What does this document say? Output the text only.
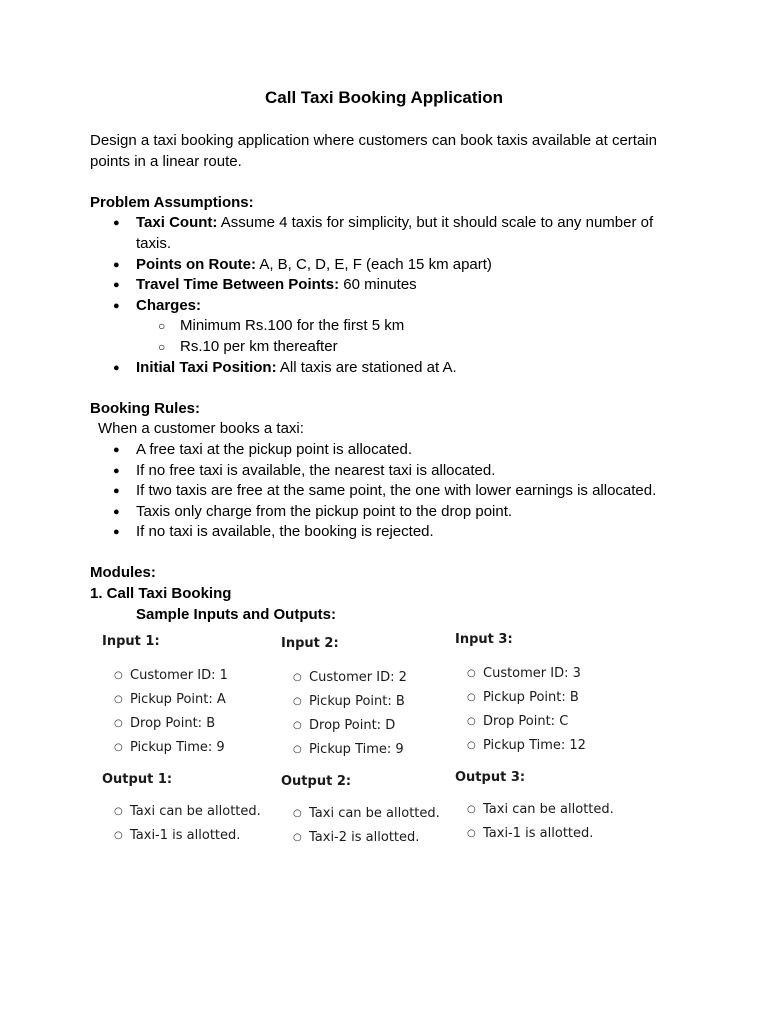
Call Taxi Booking Application

Design a taxi booking application where customers can book taxis available at certain points in a linear route.

Problem Assumptions:

● Taxi Count: Assume 4 taxis for simplicity, but it should scale to any number of taxis.
● Points on Route: A, B, C, D, E, F (each 15 km apart)
● Travel Time Between Points: 60 minutes
● Charges:
○ Minimum Rs.100 for the first 5 km
○ Rs.10 per km thereafter
● Initial Taxi Position: All taxis are stationed at A.

Booking Rules:

When a customer books a taxi:

● A free taxi at the pickup point is allocated.
● If no free taxi is available, the nearest taxi is allocated.
● If two taxis are free at the same point, the one with lower earnings is allocated.
● Taxis only charge from the pickup point to the drop point.
● If no taxi is available, the booking is rejected.

Modules:

1. Call Taxi Booking

Sample Inputs and Outputs:

Input 1:
○ Customer ID: 1
○ Pickup Point: A
○ Drop Point: B
○ Pickup Time: 9
Output 1:
○ Taxi can be allotted.
○ Taxi-1 is allotted.
Input 2:
○ Customer ID: 2
○ Pickup Point: B
○ Drop Point: D
○ Pickup Time: 9
Output 2:
○ Taxi can be allotted.
○ Taxi-2 is allotted.
Input 3:
○ Customer ID: 3
○ Pickup Point: B
○ Drop Point: C
○ Pickup Time: 12
Output 3:
○ Taxi can be allotted.
○ Taxi-1 is allotted.
